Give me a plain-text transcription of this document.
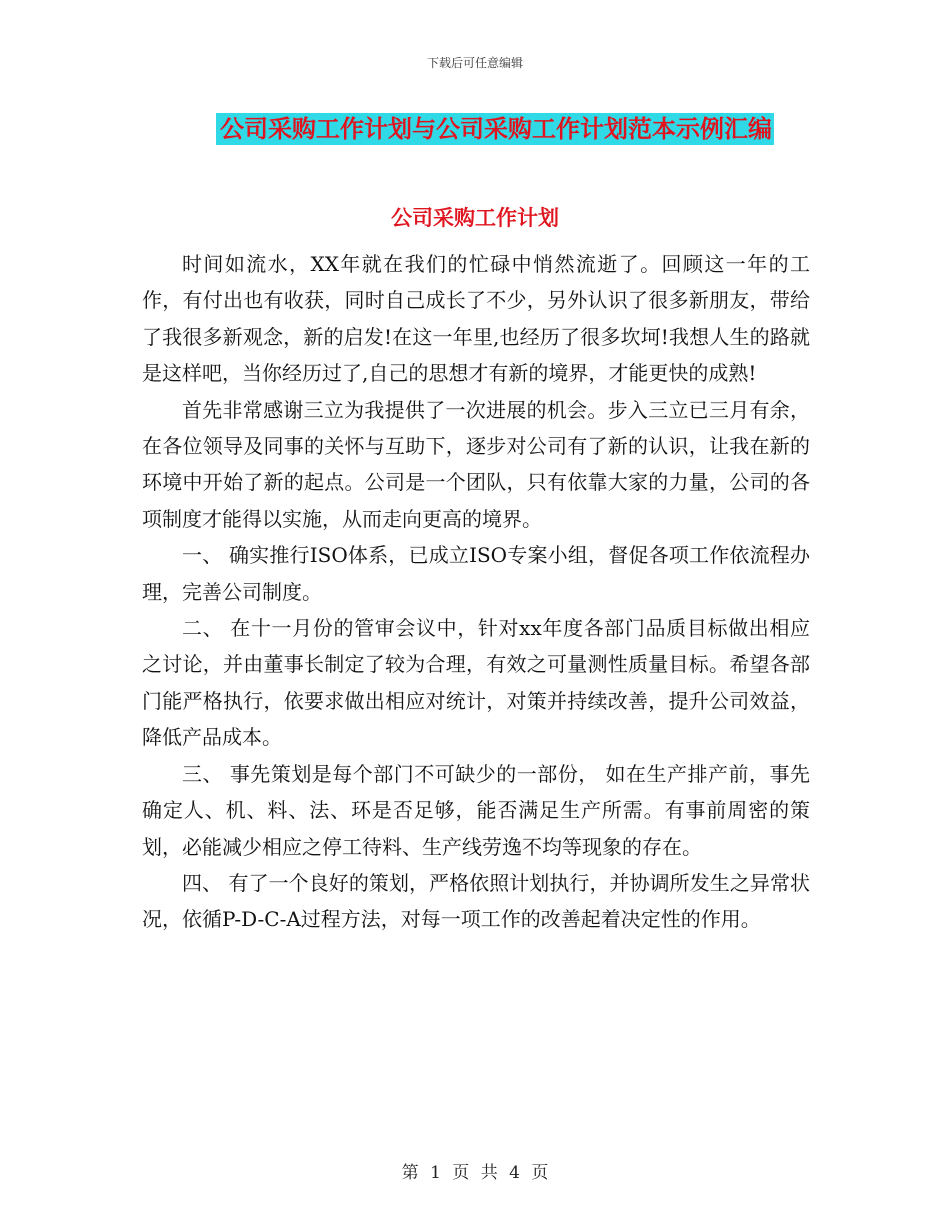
下载后可任意编辑
公司采购工作计划与公司采购工作计划范本示例汇编
公司采购工作计划

时间如流水，XX年就在我们的忙碌中悄然流逝了。回顾这一年的工作，有付出也有收获，同时自己成长了不少，另外认识了很多新朋友，带给了我很多新观念，新的启发!在这一年里,也经历了很多坎坷!我想人生的路就是这样吧，当你经历过了,自己的思想才有新的境界，才能更快的成熟!

首先非常感谢三立为我提供了一次进展的机会。步入三立已三月有余，在各位领导及同事的关怀与互助下，逐步对公司有了新的认识，让我在新的环境中开始了新的起点。公司是一个团队，只有依靠大家的力量，公司的各项制度才能得以实施，从而走向更高的境界。

一、 确实推行ISO体系，已成立ISO专案小组，督促各项工作依流程办理，完善公司制度。

二、 在十一月份的管审会议中，针对xx年度各部门品质目标做出相应之讨论，并由董事长制定了较为合理，有效之可量测性质量目标。希望各部门能严格执行，依要求做出相应对统计，对策并持续改善，提升公司效益，降低产品成本。

三、 事先策划是每个部门不可缺少的一部份， 如在生产排产前，事先确定人、机、料、法、环是否足够，能否满足生产所需。有事前周密的策划，必能减少相应之停工待料、生产线劳逸不均等现象的存在。

四、 有了一个良好的策划，严格依照计划执行，并协调所发生之异常状况，依循P-D-C-A过程方法，对每一项工作的改善起着决定性的作用。

第 1 页 共 4 页
